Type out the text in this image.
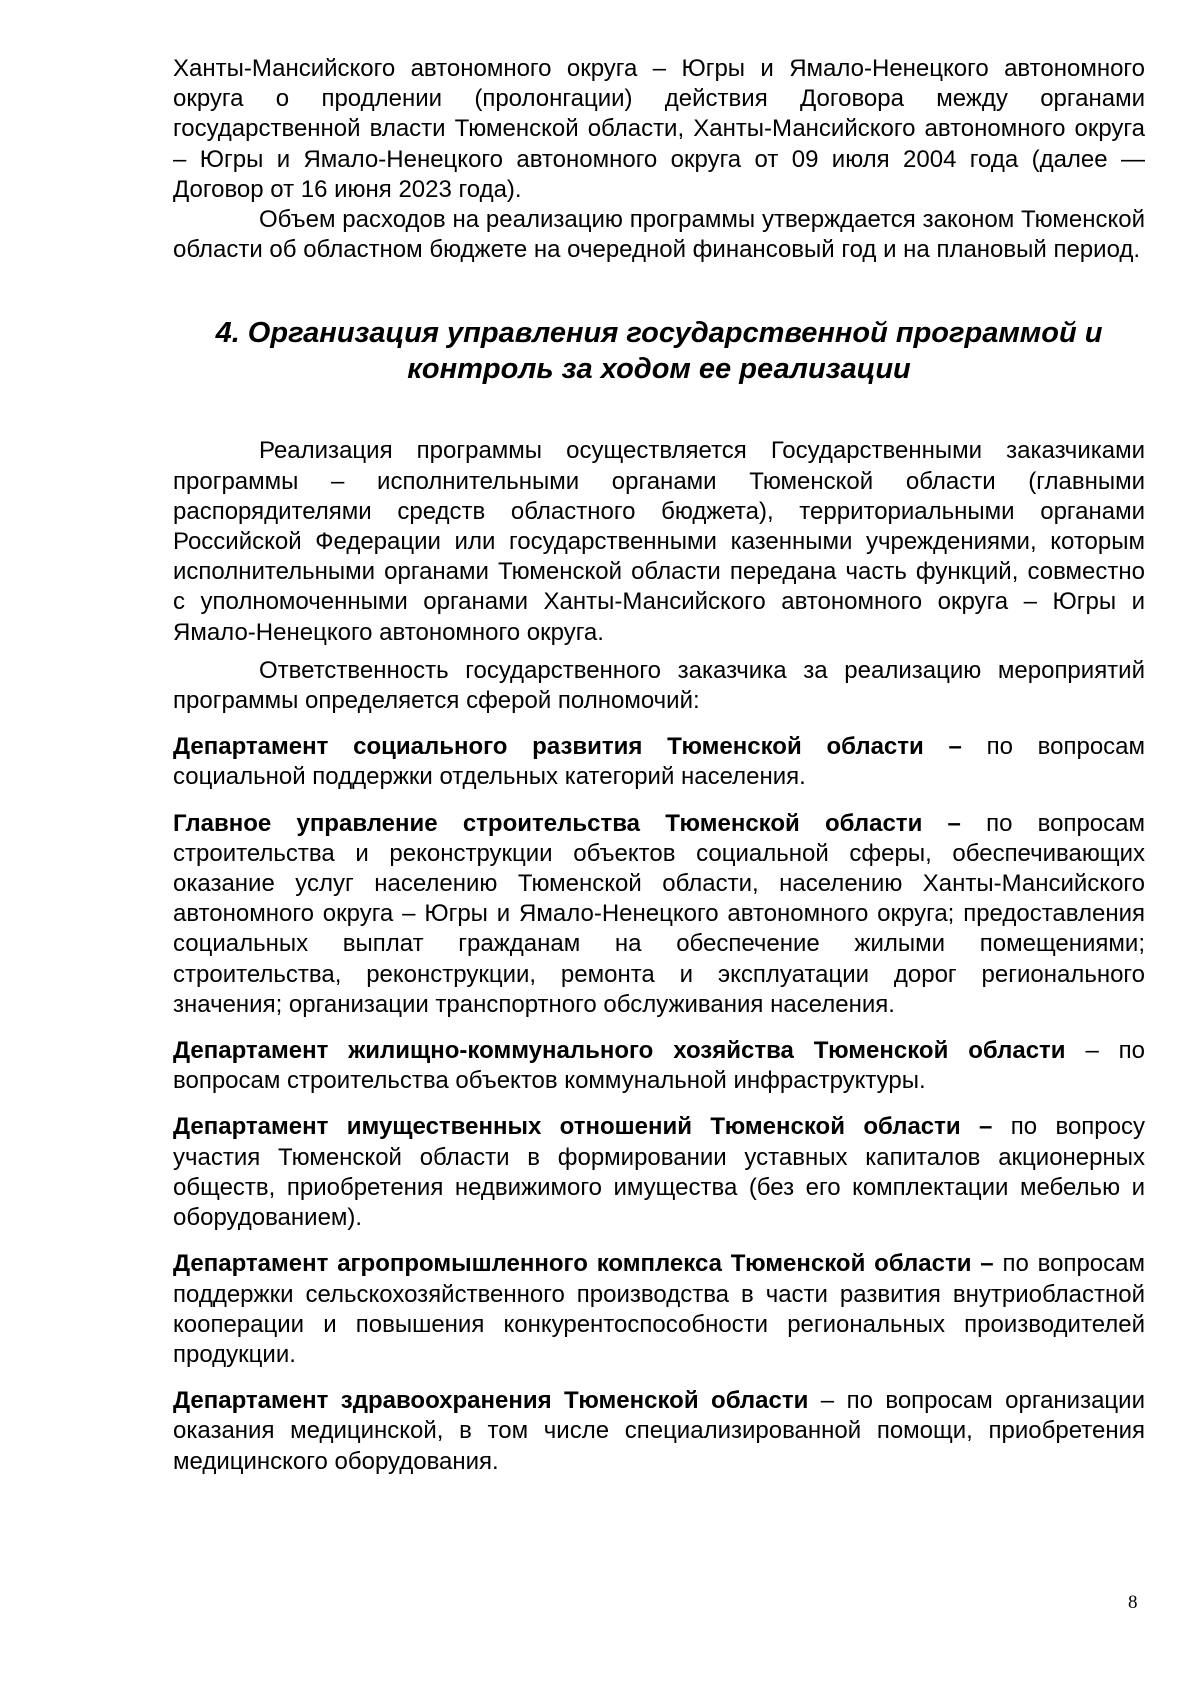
Ханты-Мансийского автономного округа – Югры и Ямало-Ненецкого автономного округа о продлении (пролонгации) действия Договора между органами государственной власти Тюменской области, Ханты-Мансийского автономного округа – Югры и Ямало-Ненецкого автономного округа от 09 июля 2004 года (далее — Договор от 16 июня 2023 года).

Объем расходов на реализацию программы утверждается законом Тюменской области об областном бюджете на очередной финансовый год и на плановый период.

4. Организация управления государственной программой и
контроль за ходом ее реализации

Реализация программы осуществляется Государственными заказчиками программы – исполнительными органами Тюменской области (главными распорядителями средств областного бюджета), территориальными органами Российской Федерации или государственными казенными учреждениями, которым исполнительными органами Тюменской области передана часть функций, совместно с уполномоченными органами Ханты-Мансийского автономного округа – Югры и Ямало-Ненецкого автономного округа.

Ответственность государственного заказчика за реализацию мероприятий программы определяется сферой полномочий:

Департамент социального развития Тюменской области – по вопросам социальной поддержки отдельных категорий населения.

Главное управление строительства Тюменской области – по вопросам строительства и реконструкции объектов социальной сферы, обеспечивающих оказание услуг населению Тюменской области, населению Ханты-Мансийского автономного округа – Югры и Ямало-Ненецкого автономного округа; предоставления социальных выплат гражданам на обеспечение жилыми помещениями; строительства, реконструкции, ремонта и эксплуатации дорог регионального значения; организации транспортного обслуживания населения.

Департамент жилищно-коммунального хозяйства Тюменской области – по вопросам строительства объектов коммунальной инфраструктуры.

Департамент имущественных отношений Тюменской области – по вопросу участия Тюменской области в формировании уставных капиталов акционерных обществ, приобретения недвижимого имущества (без его комплектации мебелью и оборудованием).

Департамент агропромышленного комплекса Тюменской области – по вопросам поддержки сельскохозяйственного производства в части развития внутриобластной кооперации и повышения конкурентоспособности региональных производителей продукции.

Департамент здравоохранения Тюменской области – по вопросам организации оказания медицинской, в том числе специализированной помощи, приобретения медицинского оборудования.

8
